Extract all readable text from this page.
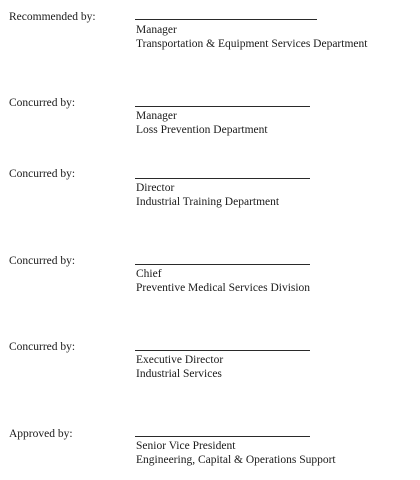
Recommended by:
Manager
Transportation & Equipment Services Department
Concurred by:
Manager
Loss Prevention Department
Concurred by:
Director
Industrial Training Department
Concurred by:
Chief
Preventive Medical Services Division
Concurred by:
Executive Director
Industrial Services
Approved by:
Senior Vice President
Engineering, Capital & Operations Support
